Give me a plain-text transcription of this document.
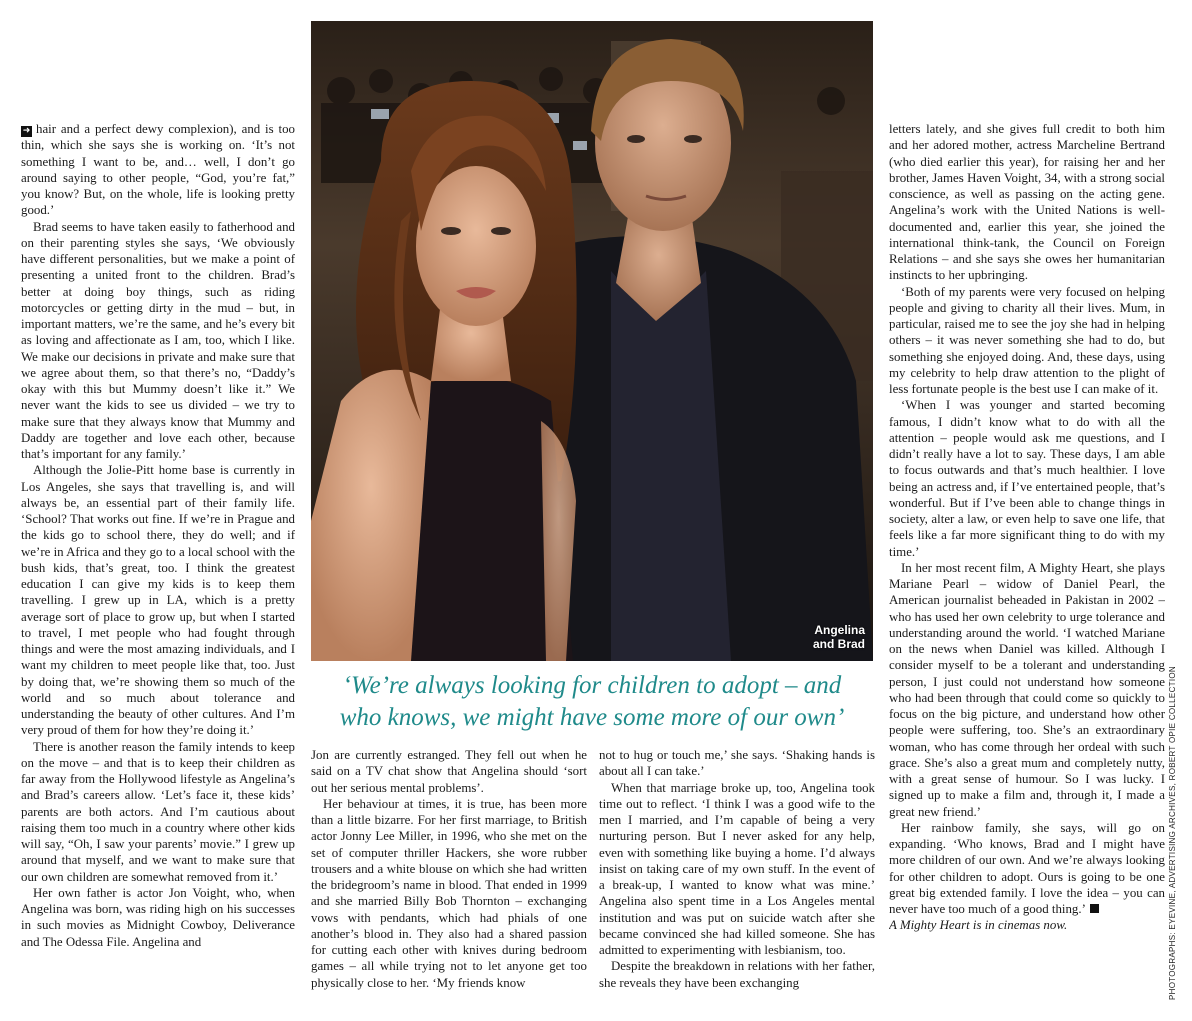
➜ hair and a perfect dewy complexion), and is too thin, which she says she is working on. ‘It’s not something I want to be, and… well, I don’t go around saying to other people, “God, you’re fat,” you know? But, on the whole, life is looking pretty good.’

Brad seems to have taken easily to fatherhood and on their parenting styles she says, ‘We obviously have different personalities, but we make a point of presenting a united front to the children. Brad’s better at doing boy things, such as riding motorcycles or getting dirty in the mud – but, in important matters, we’re the same, and he’s every bit as loving and affectionate as I am, too, which I like. We make our decisions in private and make sure that we agree about them, so that there’s no, “Daddy’s okay with this but Mummy doesn’t like it.” We never want the kids to see us divided – we try to make sure that they always know that Mummy and Daddy are together and love each other, because that’s important for any family.’

Although the Jolie-Pitt home base is currently in Los Angeles, she says that travelling is, and will always be, an essential part of their family life. ‘School? That works out fine. If we’re in Prague and the kids go to school there, they do well; and if we’re in Africa and they go to a local school with the bush kids, that’s great, too. I think the greatest education I can give my kids is to keep them travelling. I grew up in LA, which is a pretty average sort of place to grow up, but when I started to travel, I met people who had fought through things and were the most amazing individuals, and I want my children to meet people like that, too. Just by doing that, we’re showing them so much of the world and so much about tolerance and understanding the beauty of other cultures. And I’m very proud of them for how they’re doing it.’

There is another reason the family intends to keep on the move – and that is to keep their children as far away from the Hollywood lifestyle as Angelina’s and Brad’s careers allow. ‘Let’s face it, these kids’ parents are both actors. And I’m cautious about raising them too much in a country where other kids will say, “Oh, I saw your parents’ movie.” I grew up around that myself, and we want to make sure that our own children are somewhat removed from it.’

Her own father is actor Jon Voight, who, when Angelina was born, was riding high on his successes in such movies as Midnight Cowboy, Deliverance and The Odessa File. Angelina and

Angelina
and Brad
‘We’re always looking for children to adopt – and
who knows, we might have some more of our own’

Jon are currently estranged. They fell out when he said on a TV chat show that Angelina should ‘sort out her serious mental problems’.

Her behaviour at times, it is true, has been more than a little bizarre. For her first marriage, to British actor Jonny Lee Miller, in 1996, who she met on the set of computer thriller Hackers, she wore rubber trousers and a white blouse on which she had written the bridegroom’s name in blood. That ended in 1999 and she married Billy Bob Thornton – exchanging vows with pendants, which had phials of one another’s blood in. They also had a shared passion for cutting each other with knives during bedroom games – all while trying not to let anyone get too physically close to her. ‘My friends know

not to hug or touch me,’ she says. ‘Shaking hands is about all I can take.’

When that marriage broke up, too, Angelina took time out to reflect. ‘I think I was a good wife to the men I married, and I’m capable of being a very nurturing person. But I never asked for any help, even with something like buying a home. I’d always insist on taking care of my own stuff. In the event of a break-up, I wanted to know what was mine.’ Angelina also spent time in a Los Angeles mental institution and was put on suicide watch after she became convinced she had killed someone. She has admitted to experimenting with lesbianism, too.

Despite the breakdown in relations with her father, she reveals they have been exchanging

letters lately, and she gives full credit to both him and her adored mother, actress Marcheline Bertrand (who died earlier this year), for raising her and her brother, James Haven Voight, 34, with a strong social conscience, as well as passing on the acting gene. Angelina’s work with the United Nations is well-documented and, earlier this year, she joined the international think-tank, the Council on Foreign Relations – and she says she owes her humanitarian instincts to her upbringing.

‘Both of my parents were very focused on helping people and giving to charity all their lives. Mum, in particular, raised me to see the joy she had in helping others – it was never something she had to do, but something she enjoyed doing. And, these days, using my celebrity to help draw attention to the plight of less fortunate people is the best use I can make of it.

‘When I was younger and started becoming famous, I didn’t know what to do with all the attention – people would ask me questions, and I didn’t really have a lot to say. These days, I am able to focus outwards and that’s much healthier. I love being an actress and, if I’ve entertained people, that’s wonderful. But if I’ve been able to change things in society, alter a law, or even help to save one life, that feels like a far more significant thing to do with my time.’

In her most recent film, A Mighty Heart, she plays Mariane Pearl – widow of Daniel Pearl, the American journalist beheaded in Pakistan in 2002 – who has used her own celebrity to urge tolerance and understanding around the world. ‘I watched Mariane on the news when Daniel was killed. Although I consider myself to be a tolerant and understanding person, I just could not understand how someone who had been through that could come so quickly to focus on the big picture, and understand how other people were suffering, too. She’s an extraordinary woman, who has come through her ordeal with such grace. She’s also a great mum and completely nutty, with a great sense of humour. So I was lucky. I signed up to make a film and, through it, I made a great new friend.’

Her rainbow family, she says, will go on expanding. ‘Who knows, Brad and I might have more children of our own. And we’re always looking for other children to adopt. Ours is going to be one great big extended family. I love the idea – you can never have too much of a good thing.’

A Mighty Heart is in cinemas now.	PHOTOGRAPHS: EYEVINE, ADVERTISING ARCHIVES, ROBERT OPIE COLLECTION
